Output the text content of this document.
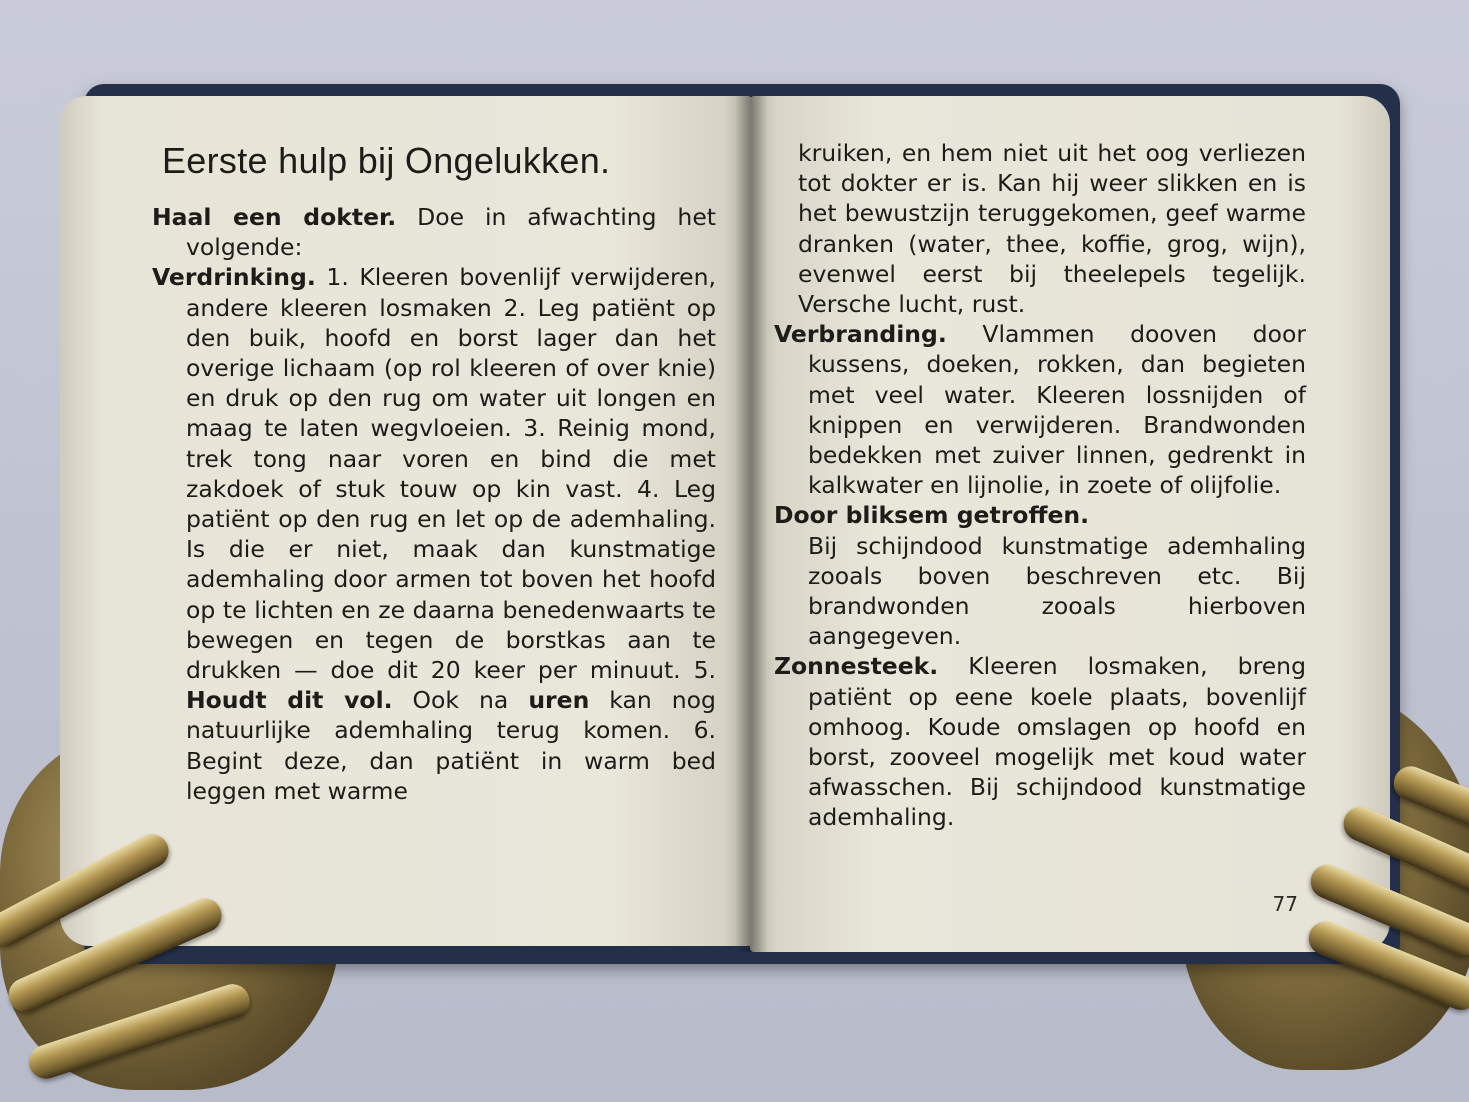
Eerste hulp bij Ongelukken.

Haal een dokter. Doe in afwachting het volgende:

Verdrinking. 1. Kleeren bovenlijf verwijderen, andere kleeren losmaken 2. Leg patiënt op den buik, hoofd en borst lager dan het overige lichaam (op rol kleeren of over knie) en druk op den rug om water uit longen en maag te laten wegvloeien. 3. Reinig mond, trek tong naar voren en bind die met zakdoek of stuk touw op kin vast. 4. Leg patiënt op den rug en let op de ademhaling. Is die er niet, maak dan kunstmatige ademhaling door armen tot boven het hoofd op te lichten en ze daarna benedenwaarts te bewegen en tegen de borstkas aan te drukken — doe dit 20 keer per minuut. 5. Houdt dit vol. Ook na uren kan nog natuurlijke ademhaling terug komen. 6. Begint deze, dan patiënt in warm bed leggen met warme

kruiken, en hem niet uit het oog verliezen tot dokter er is. Kan hij weer slikken en is het bewustzijn teruggekomen, geef warme dranken (water, thee, koffie, grog, wijn), evenwel eerst bij theelepels tegelijk. Versche lucht, rust.

Verbranding. Vlammen dooven door kussens, doeken, rokken, dan begieten met veel water. Kleeren lossnijden of knippen en verwijderen. Brandwonden bedekken met zuiver linnen, gedrenkt in kalkwater en lijnolie, in zoete of olijfolie.

Door bliksem getroffen.

Bij schijndood kunstmatige ademhaling zooals boven beschreven etc. Bij brandwonden zooals hierboven aangegeven.

Zonnesteek. Kleeren losmaken, breng patiënt op eene koele plaats, bovenlijf omhoog. Koude omslagen op hoofd en borst, zooveel mogelijk met koud water afwasschen. Bij schijndood kunstmatige ademhaling.

77
